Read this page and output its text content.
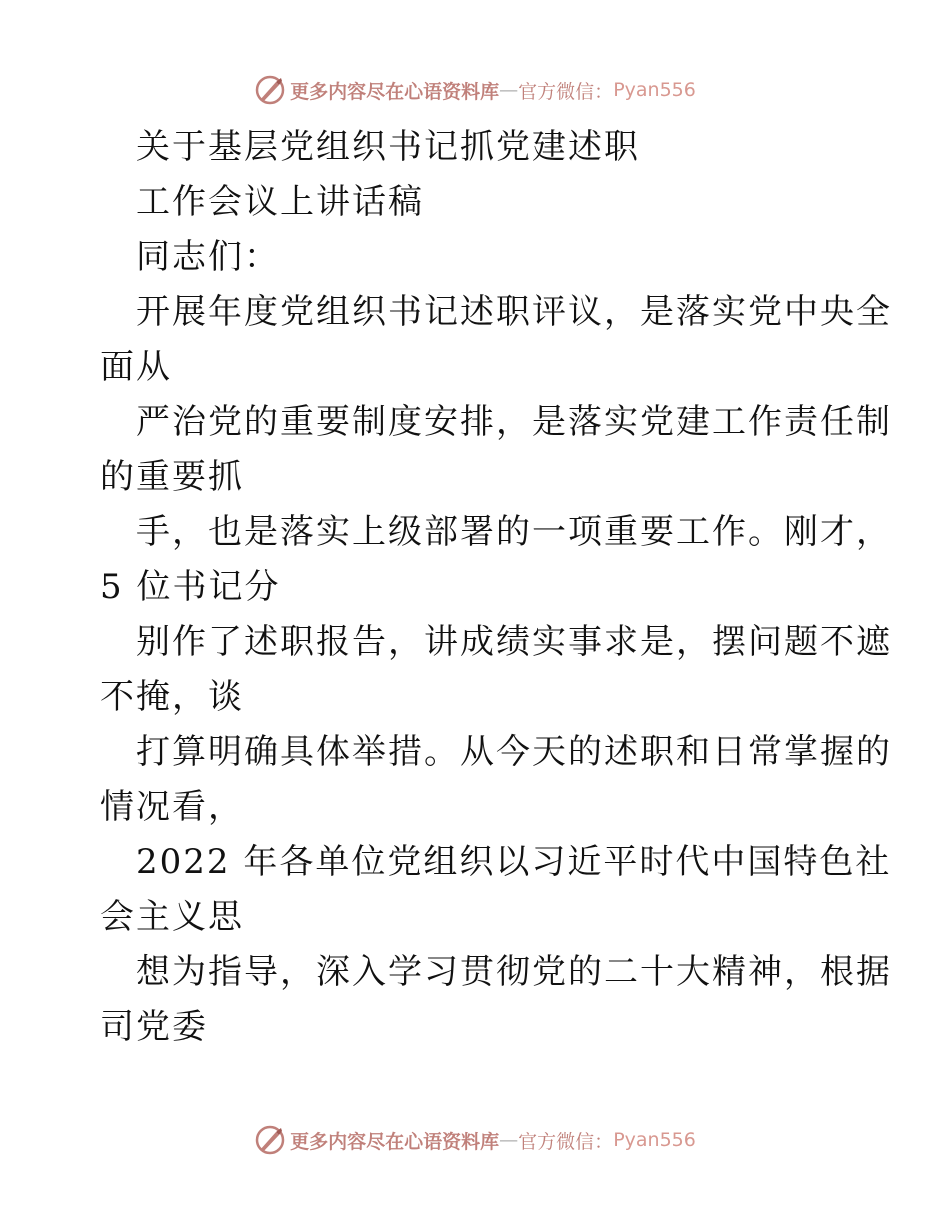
更多内容尽在心语资料库 — 官方微信： Pyan556
关于基层党组织书记抓党建述职
工作会议上讲话稿
同志们：
开展年度党组织书记述职评议，是落实党中央全
面从
严治党的重要制度安排，是落实党建工作责任制
的重要抓
手，也是落实上级部署的一项重要工作。刚才，
5 位书记分
别作了述职报告，讲成绩实事求是，摆问题不遮
不掩，谈
打算明确具体举措。从今天的述职和日常掌握的
情况看，
2022 年各单位党组织以习近平时代中国特色社
会主义思
想为指导，深入学习贯彻党的二十大精神，根据
司党委
更多内容尽在心语资料库 — 官方微信： Pyan556
